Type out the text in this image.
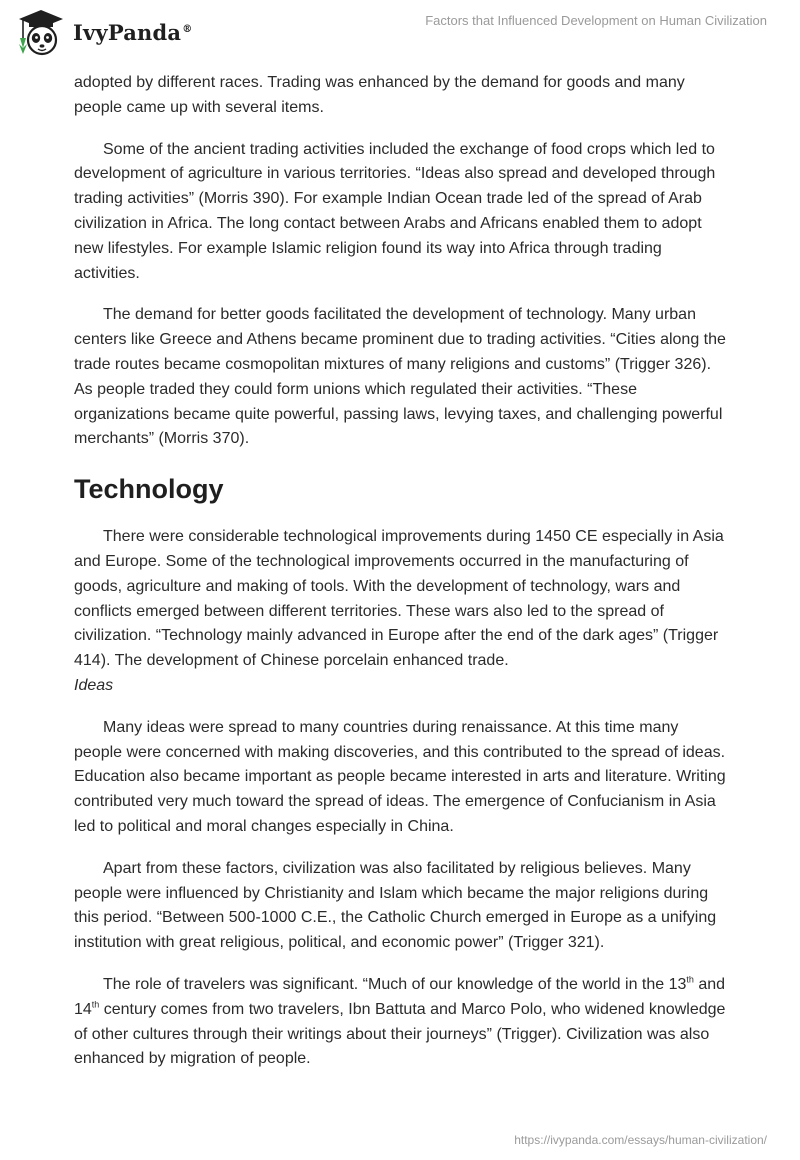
IvyPanda®
Factors that Influenced Development on Human Civilization

adopted by different races. Trading was enhanced by the demand for goods and many people came up with several items.

Some of the ancient trading activities included the exchange of food crops which led to development of agriculture in various territories. “Ideas also spread and developed through trading activities” (Morris 390). For example Indian Ocean trade led of the spread of Arab civilization in Africa. The long contact between Arabs and Africans enabled them to adopt new lifestyles. For example Islamic religion found its way into Africa through trading activities.

The demand for better goods facilitated the development of technology. Many urban centers like Greece and Athens became prominent due to trading activities. “Cities along the trade routes became cosmopolitan mixtures of many religions and customs” (Trigger 326). As people traded they could form unions which regulated their activities. “These organizations became quite powerful, passing laws, levying taxes, and challenging powerful merchants” (Morris 370).

Technology

There were considerable technological improvements during 1450 CE especially in Asia and Europe. Some of the technological improvements occurred in the manufacturing of goods, agriculture and making of tools. With the development of technology, wars and conflicts emerged between different territories. These wars also led to the spread of civilization. “Technology mainly advanced in Europe after the end of the dark ages” (Trigger 414). The development of Chinese porcelain enhanced trade.
Ideas

Many ideas were spread to many countries during renaissance. At this time many people were concerned with making discoveries, and this contributed to the spread of ideas. Education also became important as people became interested in arts and literature. Writing contributed very much toward the spread of ideas. The emergence of Confucianism in Asia led to political and moral changes especially in China.

Apart from these factors, civilization was also facilitated by religious believes. Many people were influenced by Christianity and Islam which became the major religions during this period. “Between 500-1000 C.E., the Catholic Church emerged in Europe as a unifying institution with great religious, political, and economic power” (Trigger 321).

The role of travelers was significant. “Much of our knowledge of the world in the 13th and 14th century comes from two travelers, Ibn Battuta and Marco Polo, who widened knowledge of other cultures through their writings about their journeys” (Trigger). Civilization was also enhanced by migration of people.

https://ivypanda.com/essays/human-civilization/
